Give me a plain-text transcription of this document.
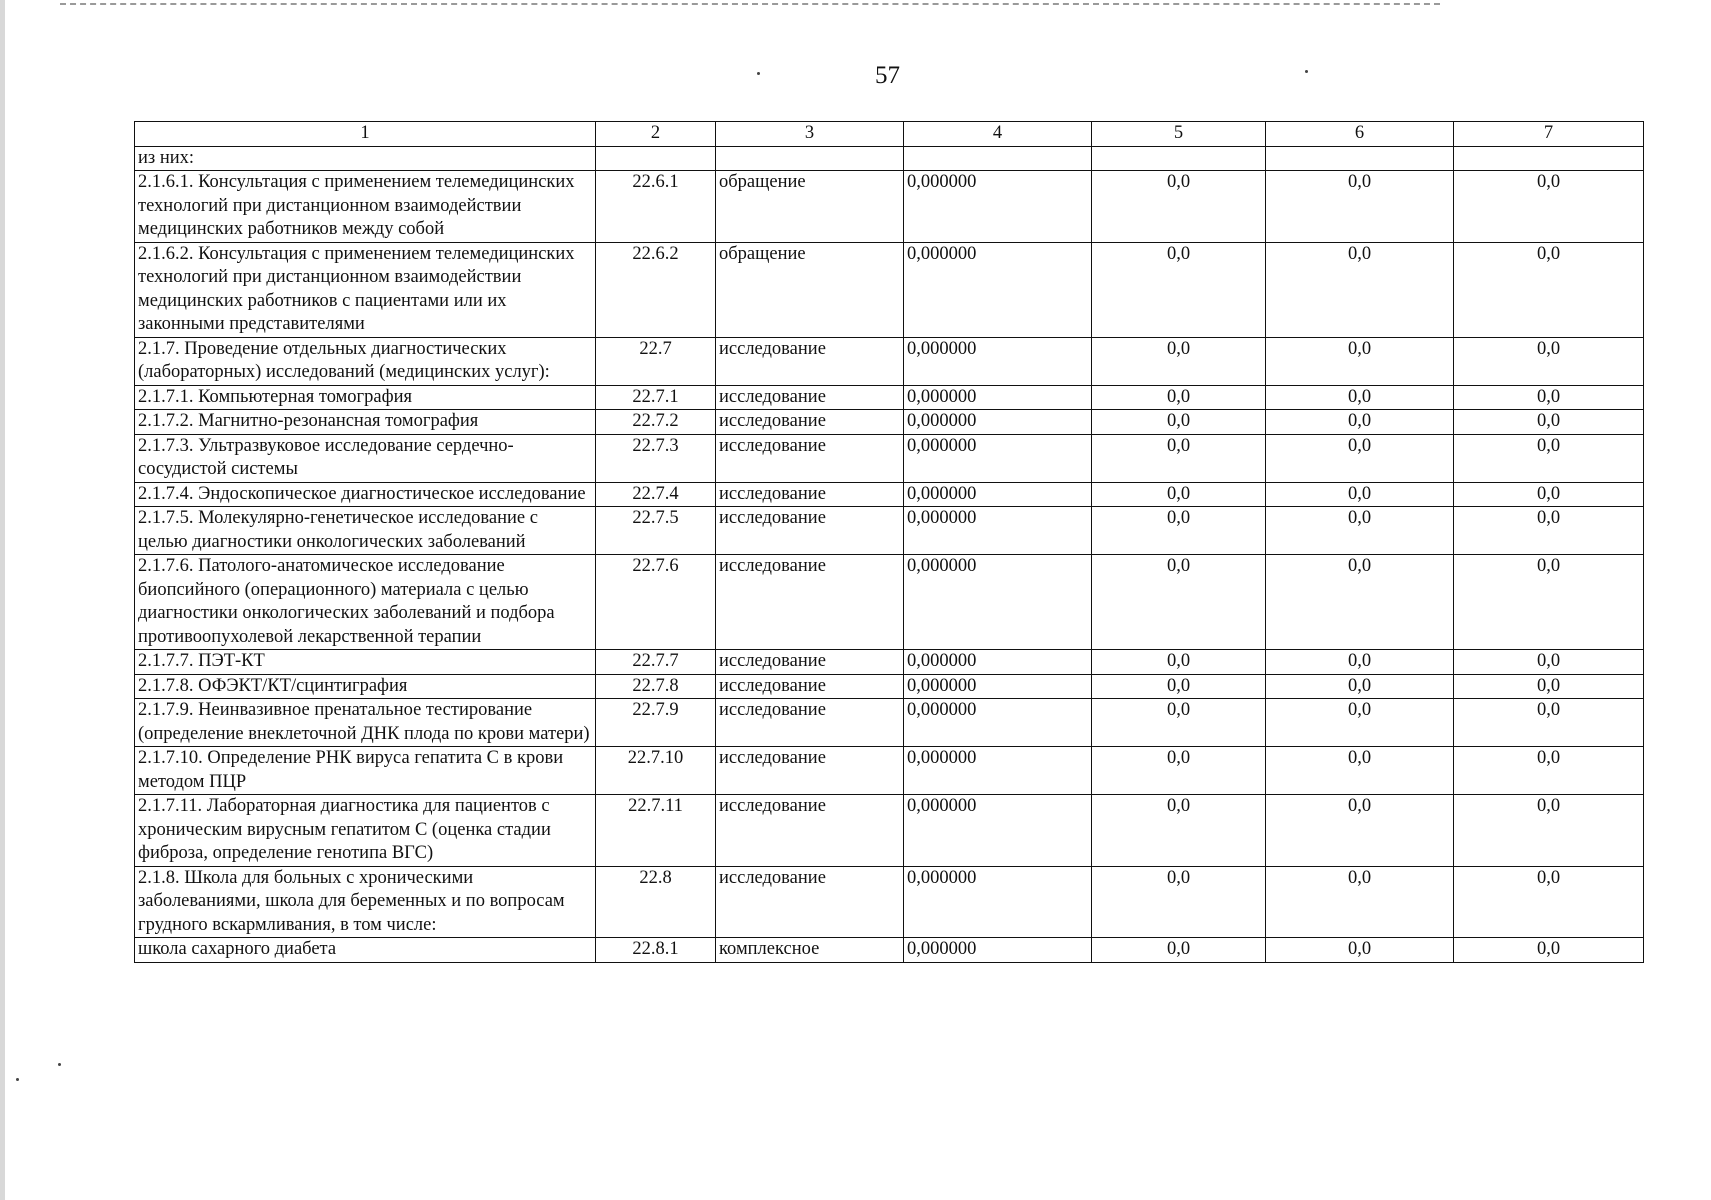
57
1	2	3	4	5	6	7
из них:						
2.1.6.1. Консультация с применением телемедицинских технологий при дистанционном взаимодействии медицинских работников между собой	22.6.1	обращение	0,000000	0,0	0,0	0,0
2.1.6.2. Консультация с применением телемедицинских технологий при дистанционном взаимодействии медицинских работников с пациентами или их законными представителями	22.6.2	обращение	0,000000	0,0	0,0	0,0
2.1.7. Проведение отдельных диагностических (лабораторных) исследований (медицинских услуг):	22.7	исследование	0,000000	0,0	0,0	0,0
2.1.7.1. Компьютерная томография	22.7.1	исследование	0,000000	0,0	0,0	0,0
2.1.7.2. Магнитно-резонансная томография	22.7.2	исследование	0,000000	0,0	0,0	0,0
2.1.7.3. Ультразвуковое исследование сердечно-сосудистой системы	22.7.3	исследование	0,000000	0,0	0,0	0,0
2.1.7.4. Эндоскопическое диагностическое исследование	22.7.4	исследование	0,000000	0,0	0,0	0,0
2.1.7.5. Молекулярно-генетическое исследование с целью диагностики онкологических заболеваний	22.7.5	исследование	0,000000	0,0	0,0	0,0
2.1.7.6. Патолого-анатомическое исследование биопсийного (операционного) материала с целью диагностики онкологических заболеваний и подбора противоопухолевой лекарственной терапии	22.7.6	исследование	0,000000	0,0	0,0	0,0
2.1.7.7. ПЭТ-КТ	22.7.7	исследование	0,000000	0,0	0,0	0,0
2.1.7.8. ОФЭКТ/КТ/сцинтиграфия	22.7.8	исследование	0,000000	0,0	0,0	0,0
2.1.7.9. Неинвазивное пренатальное тестирование (определение внеклеточной ДНК плода по крови матери)	22.7.9	исследование	0,000000	0,0	0,0	0,0
2.1.7.10. Определение РНК вируса гепатита С в крови методом ПЦР	22.7.10	исследование	0,000000	0,0	0,0	0,0
2.1.7.11. Лабораторная диагностика для пациентов с хроническим вирусным гепатитом С (оценка стадии фиброза, определение генотипа ВГС)	22.7.11	исследование	0,000000	0,0	0,0	0,0
2.1.8. Школа для больных с хроническими заболеваниями, школа для беременных и по вопросам грудного вскармливания, в том числе:	22.8	исследование	0,000000	0,0	0,0	0,0
школа сахарного диабета	22.8.1	комплексное	0,000000	0,0	0,0	0,0
